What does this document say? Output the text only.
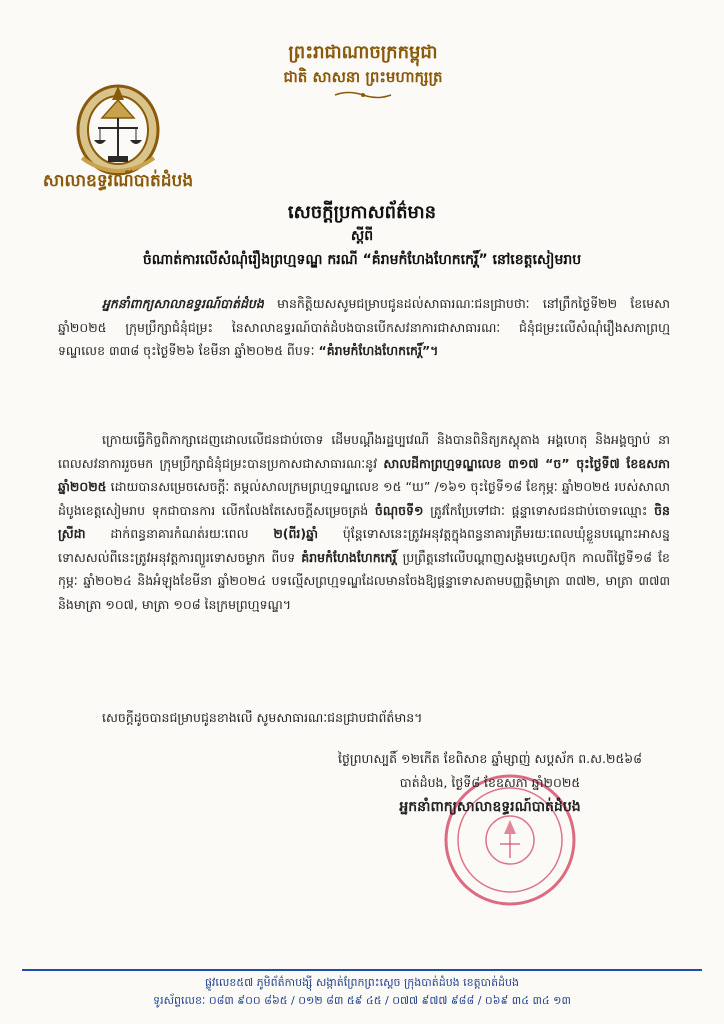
សាលាឧទ្ធរណ៍បាត់ដំបង
ព្រះរាជាណាចក្រកម្ពុជា
ជាតិ សាសនា ព្រះមហាក្សត្រ
សេចក្តីប្រកាសព័ត៌មាន
ស្តីពី
ចំណាត់ការលើសំណុំរឿងព្រហ្មទណ្ឌ ករណី “គំរាមកំហែងហែកកេរ្តិ៍” នៅខេត្តសៀមរាប
អ្នកនាំពាក្យសាលាឧទ្ធរណ៍បាត់ដំបង មានកិត្តិយសសូមជម្រាបជូនដល់សាធារណៈជនជ្រាបថាៈ នៅព្រឹកថ្ងៃទី២២ ខែមេសា ឆ្នាំ២០២៥ ក្រុមប្រឹក្សាជំនុំជម្រះ នៃសាលាឧទ្ធរណ៍បាត់ដំបងបានបើកសវនាការជាសាធារណៈ ជំនុំជម្រះលើសំណុំរឿងសភាព្រហ្មទណ្ឌលេខ ៣៣៨ ចុះថ្ងៃទី២៦ ខែមីនា ឆ្នាំ២០២៥ ពីបទៈ “គំរាមកំហែងហែកកេរ្តិ៍”។
ក្រោយធ្វើកិច្ចពិភាក្សាដេញដោលលើជនជាប់ចោទ ដើមបណ្តឹងរដ្ឋប្បវេណី និងបានពិនិត្យភស្តុតាង អង្គហេតុ និងអង្គច្បាប់ នាពេលសវនាការរួចមក ក្រុមប្រឹក្សាជំនុំជម្រះបានប្រកាសជាសាធារណៈនូវ សាលដីកាព្រហ្មទណ្ឌលេខ ៣១៧ “ច” ចុះថ្ងៃទី៧ ខែឧសភា ឆ្នាំ២០២៥ ដោយបានសម្រេចសេចក្តីៈ តម្កល់សាលក្រមព្រហ្មទណ្ឌលេខ ១៥ “ឃ” /១៦១ ចុះថ្ងៃទី១៨ ខែកុម្ភៈ ឆ្នាំ២០២៥ របស់សាលាដំបូងខេត្តសៀមរាប ទុកជាបានការ លើកលែងតែសេចក្តីសម្រេចត្រង់ ចំណុចទី១ ត្រូវកែប្រែទៅជាៈ ផ្តន្ទាទោសជនជាប់ចោទឈ្មោះ ចិន ស្រីដា ដាក់ពន្ធនាគារកំណត់រយៈពេល ២(ពីរ)ឆ្នាំ ប៉ុន្តែទោសនេះត្រូវអនុវត្តក្នុងពន្ធនាគារត្រឹមរយៈពេលឃុំខ្លួនបណ្តោះអាសន្ន ទោសសល់ពីនេះត្រូវអនុវត្តការព្យួរទោសចម្ងាក ពីបទ គំរាមកំហែងហែកកេរ្តិ៍ ប្រព្រឹត្តនៅលើបណ្តាញសង្គមហ្វេសប៊ុក កាលពីថ្ងៃទី១៨ ខែកុម្ភៈ ឆ្នាំ២០២៤ និងអំឡុងខែមីនា ឆ្នាំ២០២៤ បទល្មើសព្រហ្មទណ្ឌដែលមានចែងឱ្យផ្តន្ទាទោសតាមបញ្ញត្តិមាត្រា ៣៧២, មាត្រា ៣៧៣ និងមាត្រា ១០៧, មាត្រា ១០៨ នៃក្រមព្រហ្មទណ្ឌ។
សេចក្តីដូចបានជម្រាបជូនខាងលើ សូមសាធារណៈជនជ្រាបជាព័ត៌មាន។
ថ្ងៃព្រហស្បតិ៍ ១២កើត ខែពិសាខ ឆ្នាំម្សាញ់ សប្តស័ក ព.ស.២៥៦៨
បាត់ដំបង, ថ្ងៃទី៨ ខែឧសភា ឆ្នាំ២០២៥
អ្នកនាំពាក្យសាលាឧទ្ធរណ៍បាត់ដំបង
ផ្លូវលេខ៥៧ ភូមិព័ត៌កាបង្ស៊ី សង្កាត់ព្រែកព្រះស្តេច ក្រុងបាត់ដំបង ខេត្តបាត់ដំបង
ទូរស័ព្ទលេខៈ ០៨៣ ៩០០ ៨៦៥ / ០១២ ៨៣ ៥៩ ៤៥ / ០៧៧ ៩៧៧ ៩៨៨ / ០៦៩ ៣៤ ៣៤ ១៣
